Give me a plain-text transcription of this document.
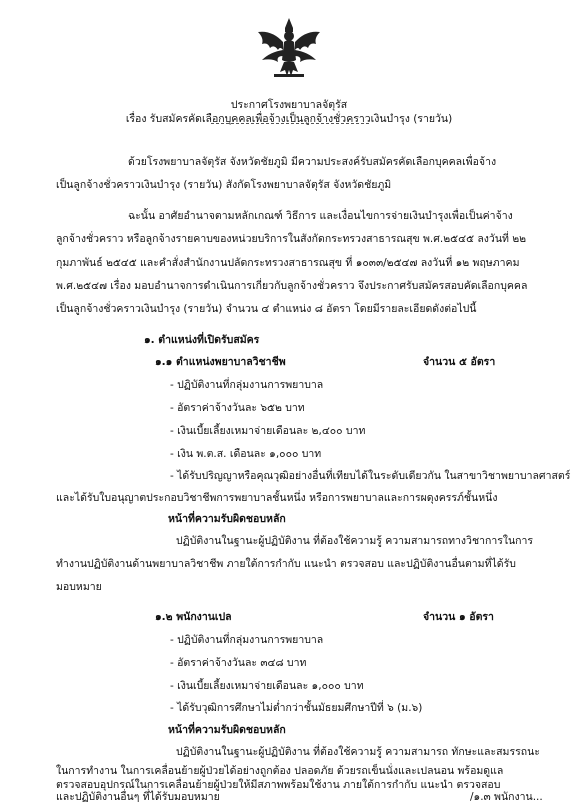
ประกาศโรงพยาบาลจัตุรัส
เรื่อง รับสมัครคัดเลือกบุคคลเพื่อจ้างเป็นลูกจ้างชั่วคราวเงินบำรุง (รายวัน)
ด้วยโรงพยาบาลจัตุรัส จังหวัดชัยภูมิ มีความประสงค์รับสมัครคัดเลือกบุคคลเพื่อจ้าง
เป็นลูกจ้างชั่วคราวเงินบำรุง (รายวัน) สังกัดโรงพยาบาลจัตุรัส จังหวัดชัยภูมิ
ฉะนั้น อาศัยอำนาจตามหลักเกณฑ์ วิธีการ และเงื่อนไขการจ่ายเงินบำรุงเพื่อเป็นค่าจ้าง
ลูกจ้างชั่วคราว หรือลูกจ้างรายคาบของหน่วยบริการในสังกัดกระทรวงสาธารณสุข พ.ศ.๒๕๔๕ ลงวันที่ ๒๒
กุมภาพันธ์ ๒๕๔๕ และคำสั่งสำนักงานปลัดกระทรวงสาธารณสุข ที่ ๑๐๓๓/๒๕๔๗ ลงวันที่ ๑๒ พฤษภาคม
พ.ศ.๒๕๔๗ เรื่อง มอบอำนาจการดำเนินการเกี่ยวกับลูกจ้างชั่วคราว จึงประกาศรับสมัครสอบคัดเลือกบุคคล
เป็นลูกจ้างชั่วคราวเงินบำรุง (รายวัน) จำนวน ๔ ตำแหน่ง ๘ อัตรา โดยมีรายละเอียดดังต่อไปนี้
๑. ตำแหน่งที่เปิดรับสมัคร
๑.๑ ตำแหน่งพยาบาลวิชาชีพ	จำนวน ๕ อัตรา
- ปฏิบัติงานที่กลุ่มงานการพยาบาล
- อัตราค่าจ้างวันละ ๖๕๒ บาท
- เงินเบี้ยเลี้ยงเหมาจ่ายเดือนละ ๒,๔๐๐ บาท
- เงิน พ.ต.ส. เดือนละ ๑,๐๐๐ บาท
- ได้รับปริญญาหรือคุณวุฒิอย่างอื่นที่เทียบได้ในระดับเดียวกัน ในสาขาวิชาพยาบาลศาสตร์
และได้รับใบอนุญาตประกอบวิชาชีพการพยาบาลชั้นหนึ่ง หรือการพยาบาลและการผดุงครรภ์ชั้นหนึ่ง
หน้าที่ความรับผิดชอบหลัก
ปฏิบัติงานในฐานะผู้ปฏิบัติงาน ที่ต้องใช้ความรู้ ความสามารถทางวิชาการในการ
ทำงานปฏิบัติงานด้านพยาบาลวิชาชีพ ภายใต้การกำกับ แนะนำ ตรวจสอบ และปฏิบัติงานอื่นตามที่ได้รับ
มอบหมาย
๑.๒ พนักงานเปล	จำนวน ๑ อัตรา
- ปฏิบัติงานที่กลุ่มงานการพยาบาล
- อัตราค่าจ้างวันละ ๓๔๘ บาท
- เงินเบี้ยเลี้ยงเหมาจ่ายเดือนละ ๑,๐๐๐ บาท
- ได้รับวุฒิการศึกษาไม่ต่ำกว่าชั้นมัธยมศึกษาปีที่ ๖ (ม.๖)
หน้าที่ความรับผิดชอบหลัก
ปฏิบัติงานในฐานะผู้ปฏิบัติงาน ที่ต้องใช้ความรู้ ความสามารถ ทักษะและสมรรถนะ
ในการทำงาน ในการเคลื่อนย้ายผู้ป่วยได้อย่างถูกต้อง ปลอดภัย ด้วยรถเข็นนั่งและเปลนอน พร้อมดูแล
ตรวจสอบอุปกรณ์ในการเคลื่อนย้ายผู้ป่วยให้มีสภาพพร้อมใช้งาน ภายใต้การกำกับ แนะนำ ตรวจสอบ
และปฏิบัติงานอื่นๆ ที่ได้รับมอบหมาย	/๑.๓ พนักงาน...
